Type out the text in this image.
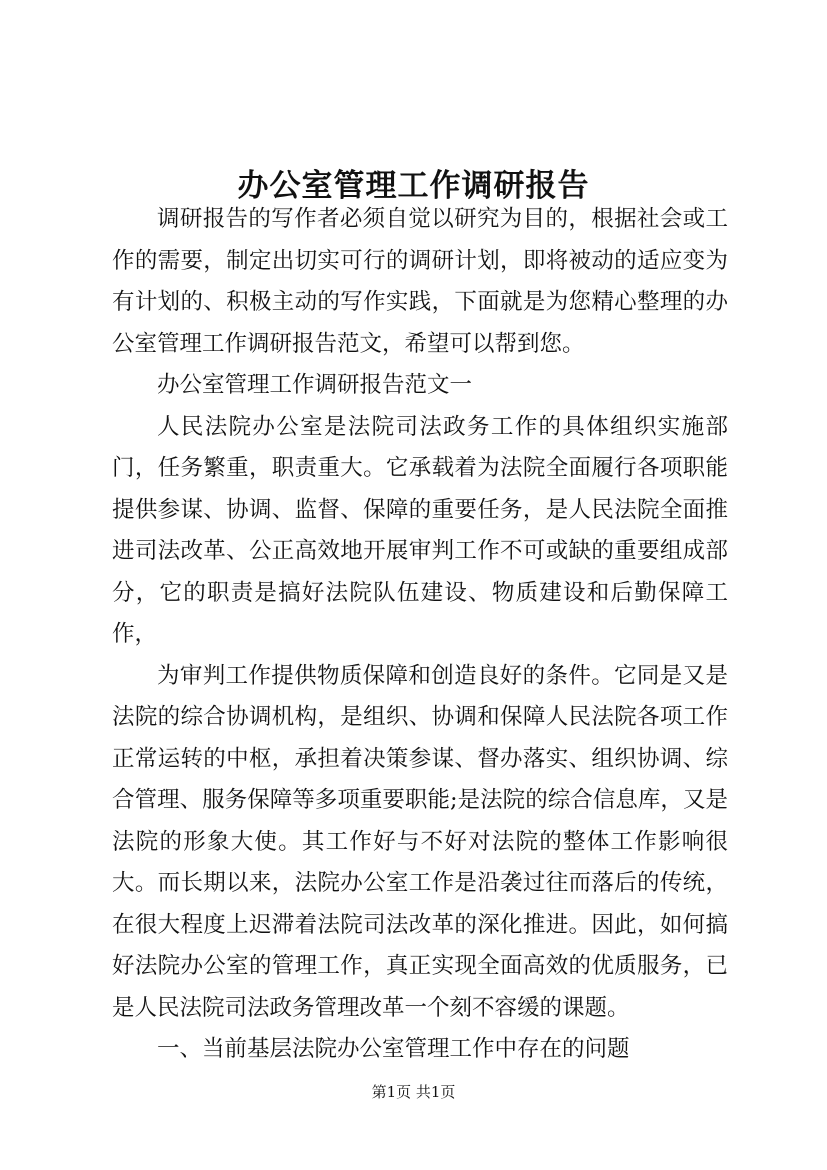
办公室管理工作调研报告

调研报告的写作者必须自觉以研究为目的，根据社会或工作的需要，制定出切实可行的调研计划，即将被动的适应变为有计划的、积极主动的写作实践，下面就是为您精心整理的办公室管理工作调研报告范文，希望可以帮到您。

办公室管理工作调研报告范文一

人民法院办公室是法院司法政务工作的具体组织实施部门，任务繁重，职责重大。它承载着为法院全面履行各项职能提供参谋、协调、监督、保障的重要任务，是人民法院全面推进司法改革、公正高效地开展审判工作不可或缺的重要组成部分，它的职责是搞好法院队伍建设、物质建设和后勤保障工作，

为审判工作提供物质保障和创造良好的条件。它同是又是法院的综合协调机构，是组织、协调和保障人民法院各项工作正常运转的中枢，承担着决策参谋、督办落实、组织协调、综合管理、服务保障等多项重要职能;是法院的综合信息库，又是法院的形象大使。其工作好与不好对法院的整体工作影响很大。而长期以来，法院办公室工作是沿袭过往而落后的传统，在很大程度上迟滞着法院司法改革的深化推进。因此，如何搞好法院办公室的管理工作，真正实现全面高效的优质服务，已是人民法院司法政务管理改革一个刻不容缓的课题。

一、当前基层法院办公室管理工作中存在的问题

第1页 共1页
